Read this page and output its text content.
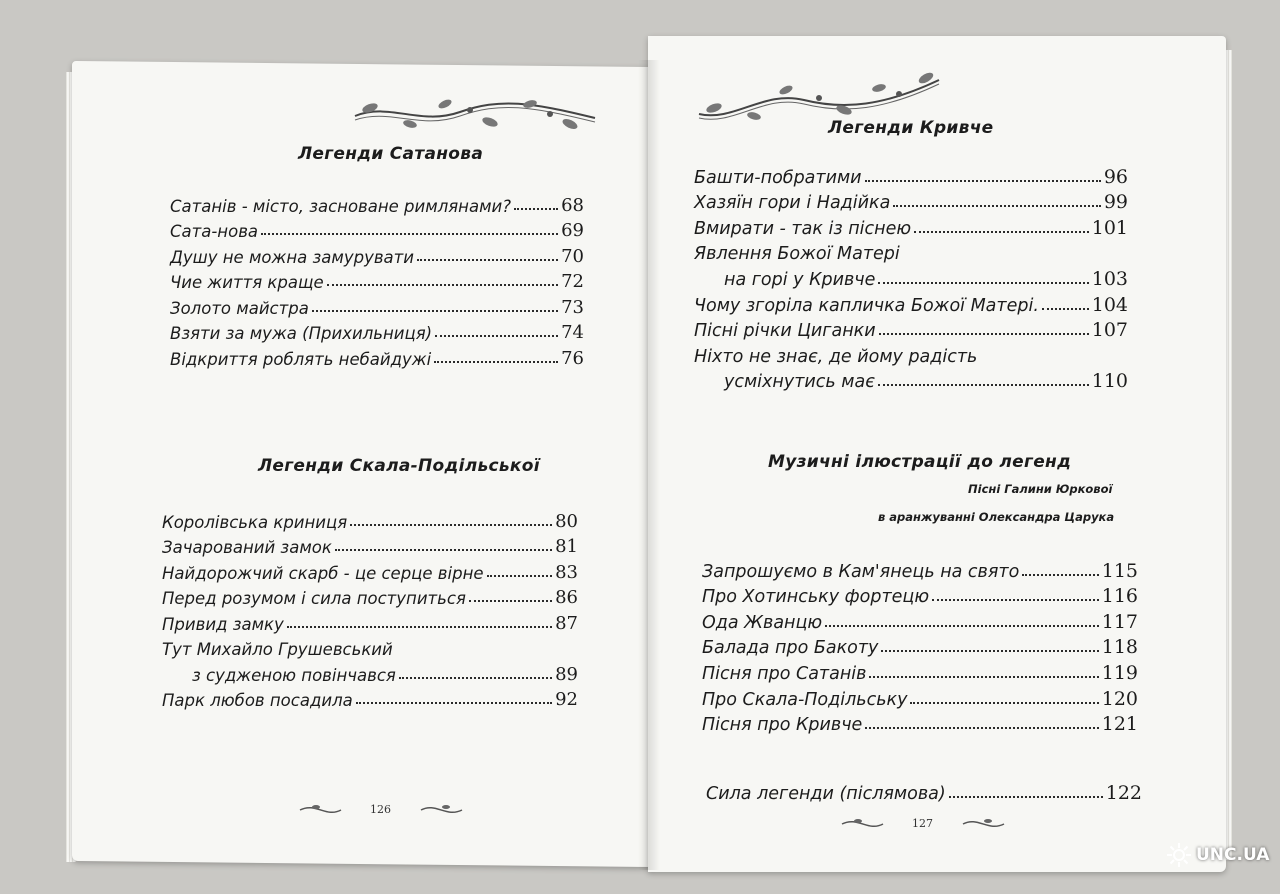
Легенди Сатанова
Сатанів - місто, засноване римлянами?	68
Сата-нова	69
Душу не можна замурувати	70
Чие життя краще	72
Золото майстра	73
Взяти за мужа (Прихильниця)	74
Відкриття роблять небайдужі	76
Легенди Скала-Подільської
Королівська криниця	80
Зачарований замок	81
Найдорожчий скарб - це серце вірне	83
Перед розумом і сила поступиться	86
Привид замку	87
Тут Михайло Грушевський
з судженою повінчався	89
Парк любов посадила	92
126
Легенди Кривче
Башти-побратими	96
Хазяїн гори і Надійка	99
Вмирати - так із піснею	101
Явлення Божої Матері
на горі у Кривче	103
Чому згоріла капличка Божої Матері.	104
Пісні річки Циганки	107
Ніхто не знає, де йому радість
усміхнутись має	110
Музичні ілюстрації до легенд
Пісні Галини Юркової
в аранжуванні Олександра Царука
Запрошуємо в Кам'янець на свято	115
Про Хотинську фортецю	116
Ода Жванцю	117
Балада про Бакоту	118
Пісня про Сатанів	119
Про Скала-Подільську	120
Пісня про Кривче	121
Сила легенди (післямова)	122
127
UNC.UA
